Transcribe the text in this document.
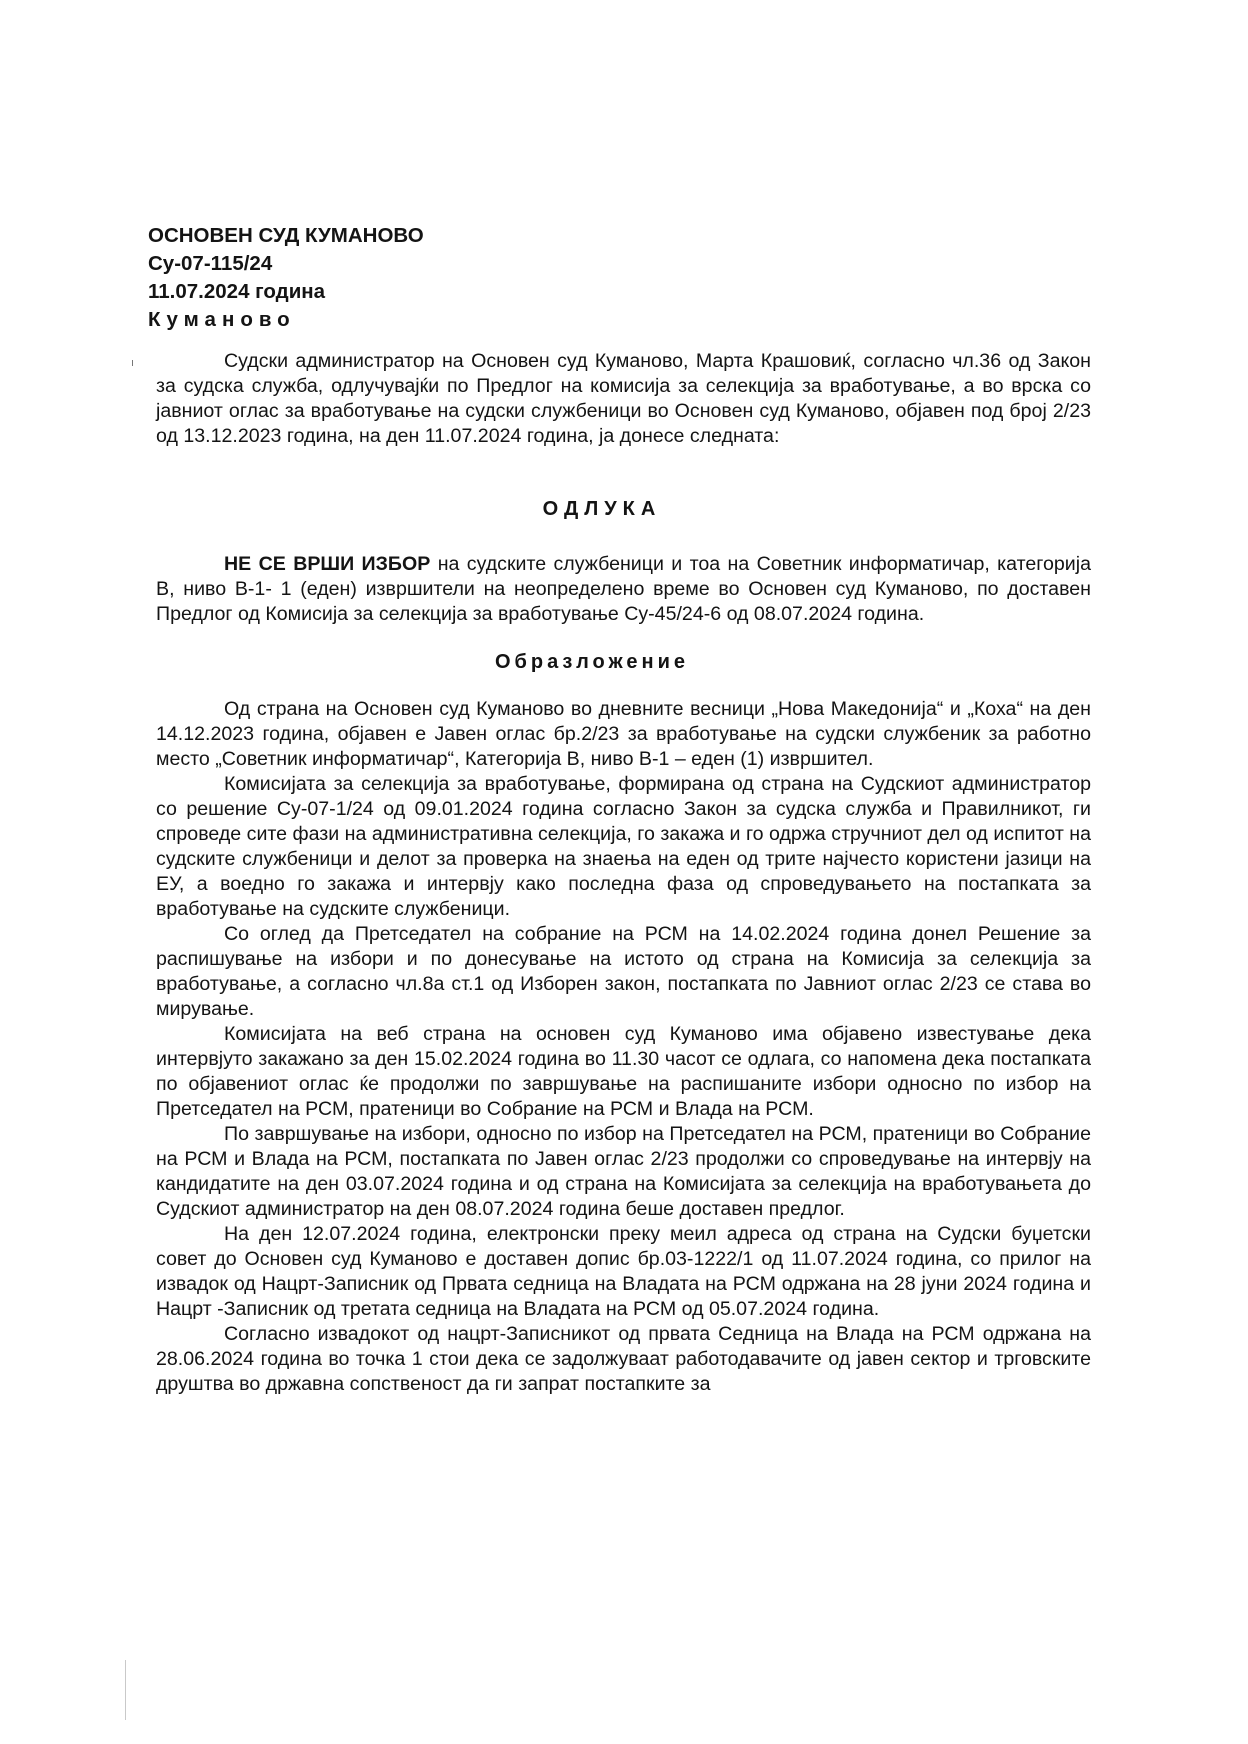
ОСНОВЕН СУД КУМАНОВО
Су-07-115/24
11.07.2024 година
Куманово

Судски администратор на Основен суд Куманово, Марта Крашовиќ, согласно чл.36 од Закон за судска служба, одлучувајќи по Предлог на комисија за селекција за вработување, а во врска со јавниот оглас за вработување на судски службеници во Основен суд Куманово, објавен под број 2/23 од 13.12.2023 година, на ден 11.07.2024 година, ја донесе следната:

ОДЛУКА

НЕ СЕ ВРШИ ИЗБОР на судските службеници и тоа на Советник информатичар, категорија В, ниво В-1- 1 (еден) извршители на неопределено време во Основен суд Куманово, по доставен Предлог од Комисија за селекција за вработување Су-45/24-6 од 08.07.2024 година.

Образложение

Од страна на Основен суд Куманово во дневните весници „Нова Македонија“ и „Коха“ на ден 14.12.2023 година, објавен е Јавен оглас бр.2/23 за вработување на судски службеник за работно место „Советник информатичар“, Категорија В, ниво В-1 – еден (1) извршител.

Комисијата за селекција за вработување, формирана од страна на Судскиот администратор со решение Су-07-1/24 од 09.01.2024 година согласно Закон за судска служба и Правилникот, ги спроведе сите фази на административна селекција, го закажа и го одржа стручниот дел од испитот на судските службеници и делот за проверка на знаења на еден од трите најчесто користени јазици на ЕУ, а воедно го закажа и интервју како последна фаза од спроведувањето на постапката за вработување на судските службеници.

Со оглед да Претседател на собрание на РСМ на 14.02.2024 година донел Решение за распишување на избори и по донесување на истото од страна на Комисија за селекција за вработување, а согласно чл.8а ст.1 од Изборен закон, постапката по Јавниот оглас 2/23 се става во мирување.

Комисијата на веб страна на основен суд Куманово има објавено известување дека интервјуто закажано за ден 15.02.2024 година во 11.30 часот се одлага, со напомена дека постапката по објавениот оглас ќе продолжи по завршување на распишаните избори односно по избор на Претседател на РСМ, пратеници во Собрание на РСМ и Влада на РСМ.

По завршување на избори, односно по избор на Претседател на РСМ, пратеници во Собрание на РСМ и Влада на РСМ, постапката по Јавен оглас 2/23 продолжи со спроведување на интервју на кандидатите на ден 03.07.2024 година и од страна на Комисијата за селекција на вработувањета до Судскиот администратор на ден 08.07.2024 година беше доставен предлог.

На ден 12.07.2024 година, електронски преку меил адреса од страна на Судски буџетски совет до Основен суд Куманово е доставен допис бр.03-1222/1 од 11.07.2024 година, со прилог на извадок од Нацрт-Записник од Првата седница на Владата на РСМ одржана на 28 јуни 2024 година и Нацрт -Записник од третата седница на Владата на РСМ од 05.07.2024 година.

Согласно извадокот од нацрт-Записникот од првата Седница на Влада на РСМ одржана на 28.06.2024 година во точка 1 стои дека се задолжуваат работодавачите од јавен сектор и трговските друштва во државна сопственост да ги запрат постапките за
